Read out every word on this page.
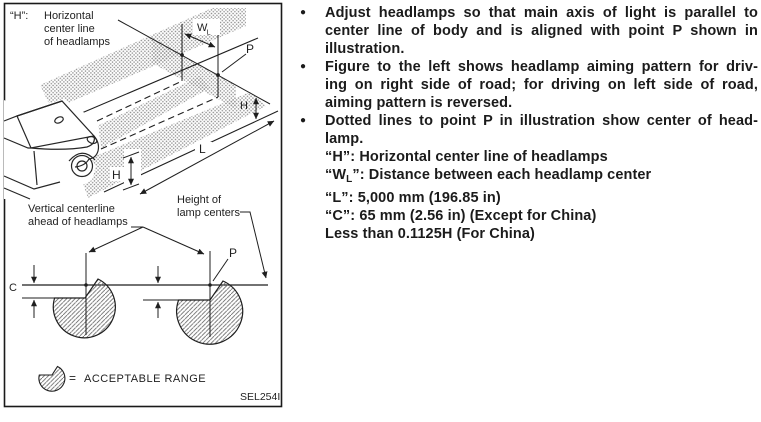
“H”: Horizontal
center line
of headlamps
W L
P
H
L
H
Vertical centerline
ahead of headlamps
Height of
lamp centers
C
P
= ACCEPTABLE RANGE
SEL254I
●	Adjust headlamps so that main axis of light is parallel to
center line of body and is aligned with point P shown in
illustration.
●	Figure to the left shows headlamp aiming pattern for driv-
ing on right side of road; for driving on left side of road,
aiming pattern is reversed.
●	Dotted lines to point P in illustration show center of head-
lamp.
“H”: Horizontal center line of headlamps
“$W_L$”: Distance between each headlamp center
“L”: 5,000 mm (196.85 in)
“C”: 65 mm (2.56 in) (Except for China)
Less than 0.1125H (For China)
